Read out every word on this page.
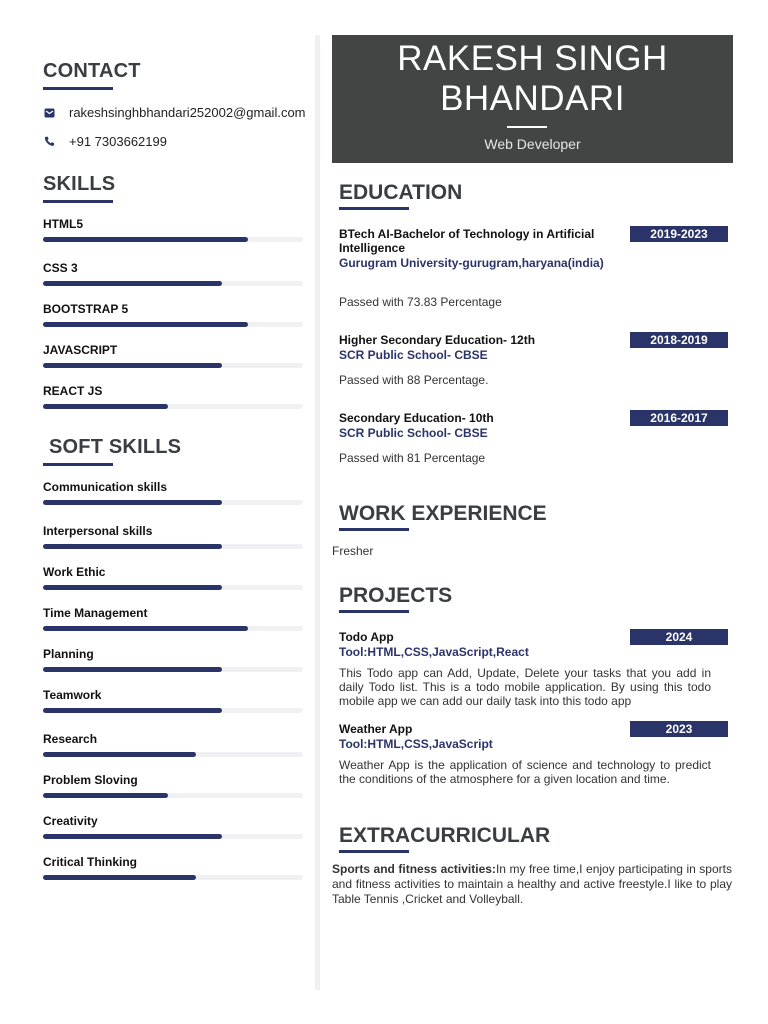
CONTACT
rakeshsinghbhandari252002@gmail.com
+91 7303662199
SKILLS
HTML5
CSS 3
BOOTSTRAP 5
JAVASCRIPT
REACT JS
SOFT SKILLS
Communication skills
Interpersonal skills
Work Ethic
Time Management
Planning
Teamwork
Research
Problem Sloving
Creativity
Critical Thinking
RAKESH SINGH BHANDARI
Web Developer
EDUCATION
BTech AI-Bachelor of Technology in Artificial Intelligence
2019-2023
Gurugram University-gurugram,haryana(india)
Passed with 73.83 Percentage
Higher Secondary Education- 12th	2018-2019
SCR Public School- CBSE
Passed with 88 Percentage.
Secondary Education- 10th	2016-2017
SCR Public School- CBSE
Passed with 81 Percentage
WORK EXPERIENCE
Fresher
PROJECTS
Todo App	2024
Tool:HTML,CSS,JavaScript,React
This Todo app can Add, Update, Delete your tasks that you add in daily Todo list. This is a todo mobile application. By using this todo mobile app we can add our daily task into this todo app
Weather App	2023
Tool:HTML,CSS,JavaScript
Weather App is the application of science and technology to predict the conditions of the atmosphere for a given location and time.
EXTRACURRICULAR
Sports and fitness activities:In my free time,I enjoy participating in sports and fitness activities to maintain a healthy and active freestyle.I like to play Table Tennis ,Cricket and Volleyball.
